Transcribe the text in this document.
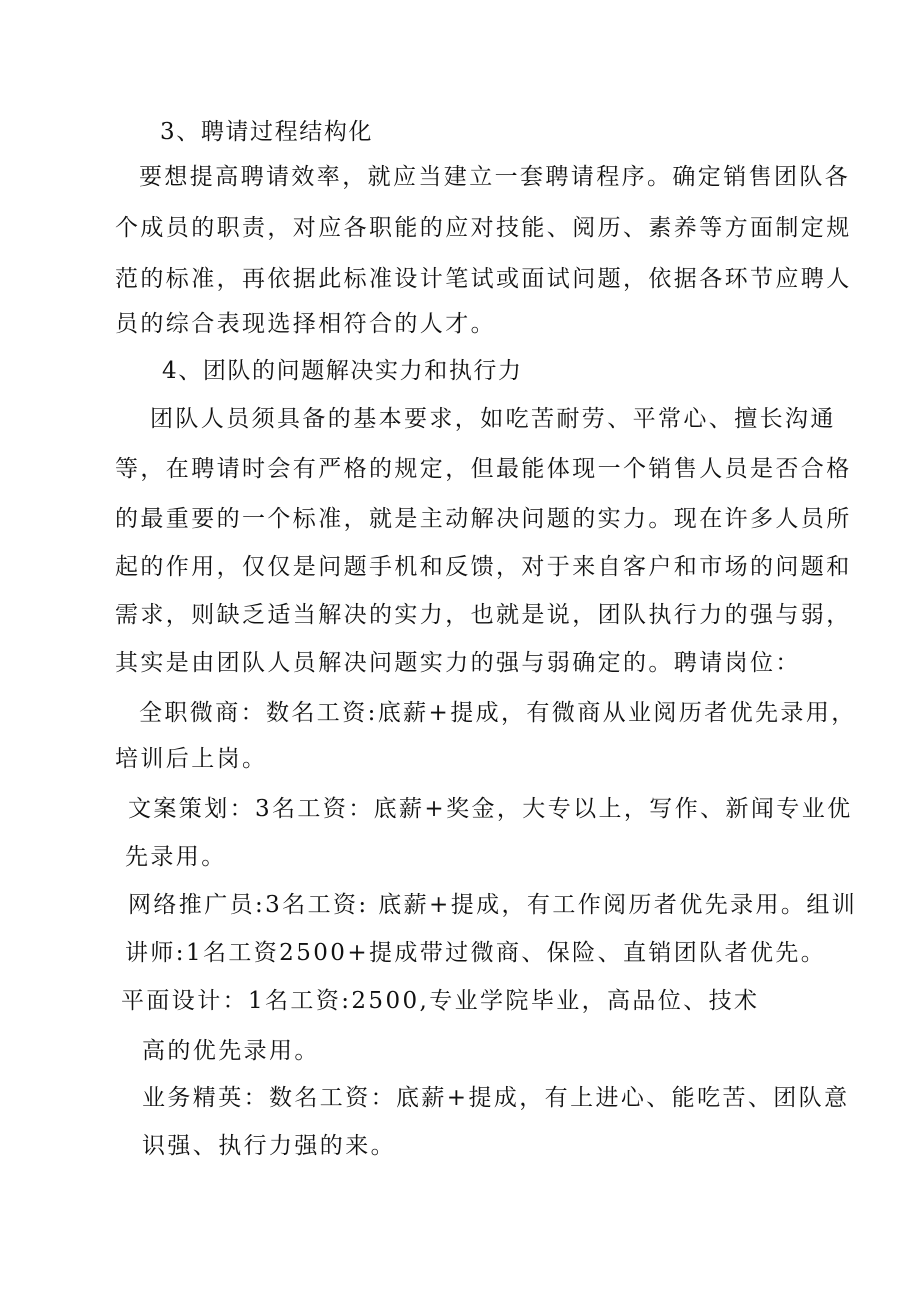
3、聘请过程结构化
要想提高聘请效率，就应当建立一套聘请程序。确定销售团队各
个成员的职责，对应各职能的应对技能、阅历、素养等方面制定规
范的标准，再依据此标准设计笔试或面试问题，依据各环节应聘人
员的综合表现选择相符合的人才。
4、团队的问题解决实力和执行力
团队人员须具备的基本要求，如吃苦耐劳、平常心、擅长沟通
等，在聘请时会有严格的规定，但最能体现一个销售人员是否合格
的最重要的一个标准，就是主动解决问题的实力。现在许多人员所
起的作用，仅仅是问题手机和反馈，对于来自客户和市场的问题和
需求，则缺乏适当解决的实力，也就是说，团队执行力的强与弱，
其实是由团队人员解决问题实力的强与弱确定的。聘请岗位：
全职微商：数名工资:底薪+提成，有微商从业阅历者优先录用，
培训后上岗。
文案策划：3名工资：底薪+奖金，大专以上，写作、新闻专业优
先录用。
网络推广员:3名工资: 底薪+提成，有工作阅历者优先录用。组训
讲师:1名工资2500+提成带过微商、保险、直销团队者优先。
平面设计：1名工资:2500,专业学院毕业，高品位、技术
高的优先录用。
业务精英：数名工资：底薪+提成，有上进心、能吃苦、团队意
识强、执行力强的来。
